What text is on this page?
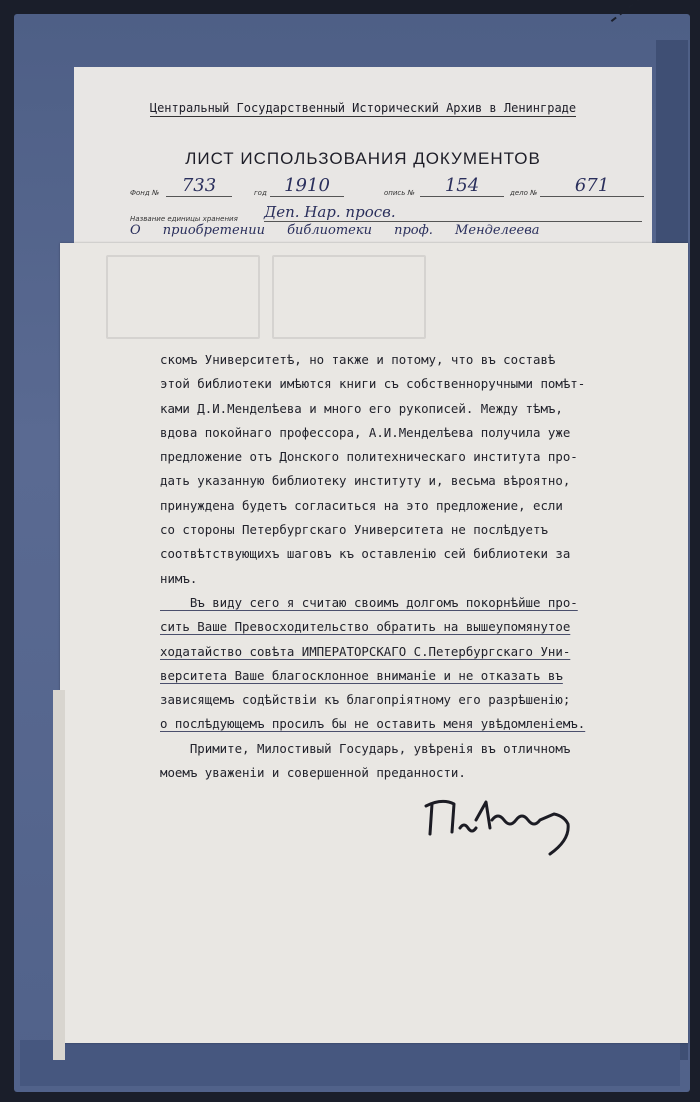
Центральный Государственный Исторический Архив в Ленинграде
ЛИСТ ИСПОЛЬЗОВАНИЯ ДОКУМЕНТОВ
Фонд №	733	год 1910	опись №	154	дело №	671
Название единицы хранения Деп. Нар. просв.
О приобретении библиотеки проф. Менделеева

скомъ Университетѣ, но также и потому, что въ составѣ

этой библиотеки имѣются книги съ собственноручными помѣт-

ками Д.И.Менделѣева и много его рукописей. Между тѣмъ,

вдова покойнаго профессора, А.И.Менделѣева получила уже

предложение отъ Донского политехническаго института про-

дать указанную библиотеку институту и, весьма вѣроятно,

принуждена будетъ согласиться на это предложение, если

со стороны Петербургскаго Университета не послѣдуетъ

соотвѣтствующихъ шаговъ къ оставленію сей библиотеки за

нимъ.

Въ виду сего я считаю своимъ долгомъ покорнѣйше про-

сить Ваше Превосходительство обратить на вышеупомянутое

ходатайство совѣта ИМПЕРАТОРСКАГО С.Петербургскаго Уни-

верситета Ваше благосклонное вниманіе и не отказать въ

зависящемъ содѣйствіи къ благопріятному его разрѣшенію;

о послѣдующемъ просилъ бы не оставить меня увѣдомленіемъ.

Примите, Милостивый Государь, увѣренія въ отличномъ

моемъ уваженіи и совершенной преданности.
